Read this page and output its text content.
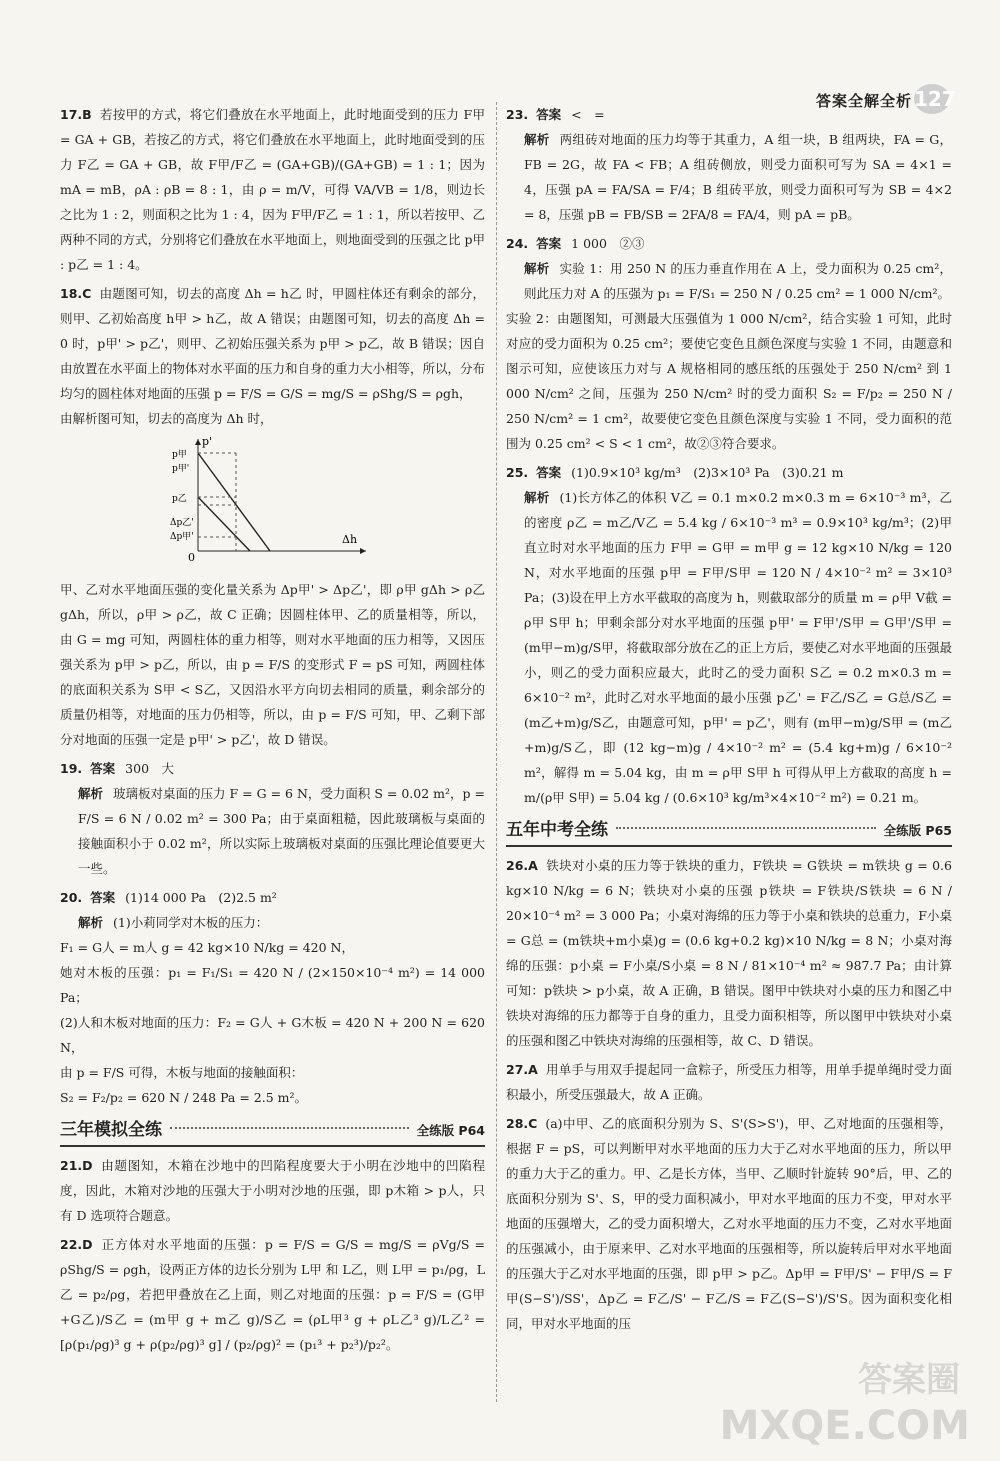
答案全解全析 127
17.B 若按甲的方式，将它们叠放在水平地面上，此时地面受到的压力 F甲 = GA + GB，若按乙的方式，将它们叠放在水平地面上，此时地面受到的压力 F乙 = GA + GB，故 F甲/F乙 = (GA+GB)/(GA+GB) = 1 : 1；因为 mA = mB，ρA : ρB = 8 : 1，由 ρ = m/V，可得 VA/VB = 1/8，则边长之比为 1 : 2，则面积之比为 1 : 4，因为 F甲/F乙 = 1 : 1，所以若按甲、乙两种不同的方式，分别将它们叠放在水平地面上，则地面受到的压强之比 p甲 : p乙 = 1 : 4。
18.C 由题图可知，切去的高度 Δh = h乙 时，甲圆柱体还有剩余的部分，则甲、乙初始高度 h甲 > h乙，故 A 错误；由题图可知，切去的高度 Δh = 0 时，p甲' > p乙'，则甲、乙初始压强关系为 p甲 > p乙，故 B 错误；因自由放置在水平面上的物体对水平面的压力和自身的重力大小相等，所以，分布均匀的圆柱体对地面的压强 p = F/S = G/S = mg/S = ρShg/S = ρgh，
由解析图可知，切去的高度为 Δh 时，
p'
Δh
0
p甲
p甲'
p乙
Δp乙'
Δp甲'
甲、乙对水平地面压强的变化量关系为 Δp甲' > Δp乙'，即 ρ甲 gΔh > ρ乙 gΔh，所以，ρ甲 > ρ乙，故 C 正确；因圆柱体甲、乙的质量相等，所以，由 G = mg 可知，两圆柱体的重力相等，则对水平地面的压力相等，又因压强关系为 p甲 > p乙，所以，由 p = F/S 的变形式 F = pS 可知，两圆柱体的底面积关系为 S甲 < S乙，又因沿水平方向切去相同的质量，剩余部分的质量仍相等，对地面的压力仍相等，所以，由 p = F/S 可知，甲、乙剩下部分对地面的压强一定是 p甲' > p乙'，故 D 错误。
19. 答案 300　大
解析 玻璃板对桌面的压力 F = G = 6 N，受力面积 S = 0.02 m²，p = F/S = 6 N / 0.02 m² = 300 Pa；由于桌面粗糙，因此玻璃板与桌面的接触面积小于 0.02 m²，所以实际上玻璃板对桌面的压强比理论值要更大一些。
20. 答案 (1)14 000 Pa　(2)2.5 m²
解析 (1)小莉同学对木板的压力：
F₁ = G人 = m人 g = 42 kg×10 N/kg = 420 N，
她对木板的压强：p₁ = F₁/S₁ = 420 N / (2×150×10⁻⁴ m²) = 14 000 Pa；
(2)人和木板对地面的压力：F₂ = G人 + G木板 = 420 N + 200 N = 620 N，
由 p = F/S 可得，木板与地面的接触面积：
S₂ = F₂/p₂ = 620 N / 248 Pa = 2.5 m²。
三年模拟全练	全练版 P64
21.D 由题图知，木箱在沙地中的凹陷程度要大于小明在沙地中的凹陷程度，因此，木箱对沙地的压强大于小明对沙地的压强，即 p木箱 > p人，只有 D 选项符合题意。
22.D 正方体对水平地面的压强：p = F/S = G/S = mg/S = ρVg/S = ρShg/S = ρgh，设两正方体的边长分别为 L甲 和 L乙，则 L甲 = p₁/ρg，L乙 = p₂/ρg，若把甲叠放在乙上面，则乙对地面的压强：p = F/S = (G甲+G乙)/S乙 = (m甲 g + m乙 g)/S乙 = (ρL甲³ g + ρL乙³ g)/L乙² = [ρ(p₁/ρg)³ g + ρ(p₂/ρg)³ g] / (p₂/ρg)² = (p₁³ + p₂³)/p₂²。
23. 答案 <　=
解析 两组砖对地面的压力均等于其重力，A 组一块，B 组两块，FA = G，FB = 2G，故 FA < FB；A 组砖侧放，则受力面积可写为 SA = 4×1 = 4，压强 pA = FA/SA = F/4；B 组砖平放，则受力面积可写为 SB = 4×2 = 8，压强 pB = FB/SB = 2FA/8 = FA/4，则 pA = pB。
24. 答案 1 000　②③
解析 实验 1：用 250 N 的压力垂直作用在 A 上，受力面积为 0.25 cm²，则此压力对 A 的压强为 p₁ = F/S₁ = 250 N / 0.25 cm² = 1 000 N/cm²。
实验 2：由题图知，可测最大压强值为 1 000 N/cm²，结合实验 1 可知，此时对应的受力面积为 0.25 cm²；要使它变色且颜色深度与实验 1 不同，由题意和图示可知，应使该压力对与 A 规格相同的感压纸的压强处于 250 N/cm² 到 1 000 N/cm² 之间，压强为 250 N/cm² 时的受力面积 S₂ = F/p₂ = 250 N / 250 N/cm² = 1 cm²，故要使它变色且颜色深度与实验 1 不同，受力面积的范围为 0.25 cm² < S < 1 cm²，故②③符合要求。
25. 答案 (1)0.9×10³ kg/m³　(2)3×10³ Pa　(3)0.21 m
解析 (1)长方体乙的体积 V乙 = 0.1 m×0.2 m×0.3 m = 6×10⁻³ m³，乙的密度 ρ乙 = m乙/V乙 = 5.4 kg / 6×10⁻³ m³ = 0.9×10³ kg/m³；(2)甲直立时对水平地面的压力 F甲 = G甲 = m甲 g = 12 kg×10 N/kg = 120 N，对水平地面的压强 p甲 = F甲/S甲 = 120 N / 4×10⁻² m² = 3×10³ Pa；(3)设在甲上方水平截取的高度为 h，则截取部分的质量 m = ρ甲 V截 = ρ甲 S甲 h；甲剩余部分对水平地面的压强 p甲' = F甲'/S甲 = G甲'/S甲 = (m甲−m)g/S甲，将截取部分放在乙的正上方后，要使乙对水平地面的压强最小，则乙的受力面积应最大，此时乙的受力面积 S乙 = 0.2 m×0.3 m = 6×10⁻² m²，此时乙对水平地面的最小压强 p乙' = F乙/S乙 = G总/S乙 = (m乙+m)g/S乙，由题意可知，p甲' = p乙'，则有 (m甲−m)g/S甲 = (m乙+m)g/S乙，即 (12 kg−m)g / 4×10⁻² m² = (5.4 kg+m)g / 6×10⁻² m²，解得 m = 5.04 kg，由 m = ρ甲 S甲 h 可得从甲上方截取的高度 h = m/(ρ甲 S甲) = 5.04 kg / (0.6×10³ kg/m³×4×10⁻² m²) = 0.21 m。
五年中考全练	全练版 P65
26.A 铁块对小桌的压力等于铁块的重力，F铁块 = G铁块 = m铁块 g = 0.6 kg×10 N/kg = 6 N；铁块对小桌的压强 p铁块 = F铁块/S铁块 = 6 N / 20×10⁻⁴ m² = 3 000 Pa；小桌对海绵的压力等于小桌和铁块的总重力，F小桌 = G总 = (m铁块+m小桌)g = (0.6 kg+0.2 kg)×10 N/kg = 8 N；小桌对海绵的压强：p小桌 = F小桌/S小桌 = 8 N / 81×10⁻⁴ m² ≈ 987.7 Pa；由计算可知：p铁块 > p小桌，故 A 正确，B 错误。图甲中铁块对小桌的压力和图乙中铁块对海绵的压力都等于自身的重力，且受力面积相等，所以图甲中铁块对小桌的压强和图乙中铁块对海绵的压强相等，故 C、D 错误。
27.A 用单手与用双手提起同一盒粽子，所受压力相等，用单手提单绳时受力面积最小，所受压强最大，故 A 正确。
28.C (a)中甲、乙的底面积分别为 S、S'(S>S')，甲、乙对地面的压强相等，根据 F = pS，可以判断甲对水平地面的压力大于乙对水平地面的压力，所以甲的重力大于乙的重力。甲、乙是长方体，当甲、乙顺时针旋转 90°后，甲、乙的底面积分别为 S'、S，甲的受力面积减小，甲对水平地面的压力不变，甲对水平地面的压强增大，乙的受力面积增大，乙对水平地面的压力不变，乙对水平地面的压强减小，由于原来甲、乙对水平地面的压强相等，所以旋转后甲对水平地面的压强大于乙对水平地面的压强，即 p甲 > p乙。Δp甲 = F甲/S' − F甲/S = F甲(S−S')/SS'，Δp乙 = F乙/S' − F乙/S = F乙(S−S')/S'S。因为面积变化相同，甲对水平地面的压
答案圈
MXQE.COM
